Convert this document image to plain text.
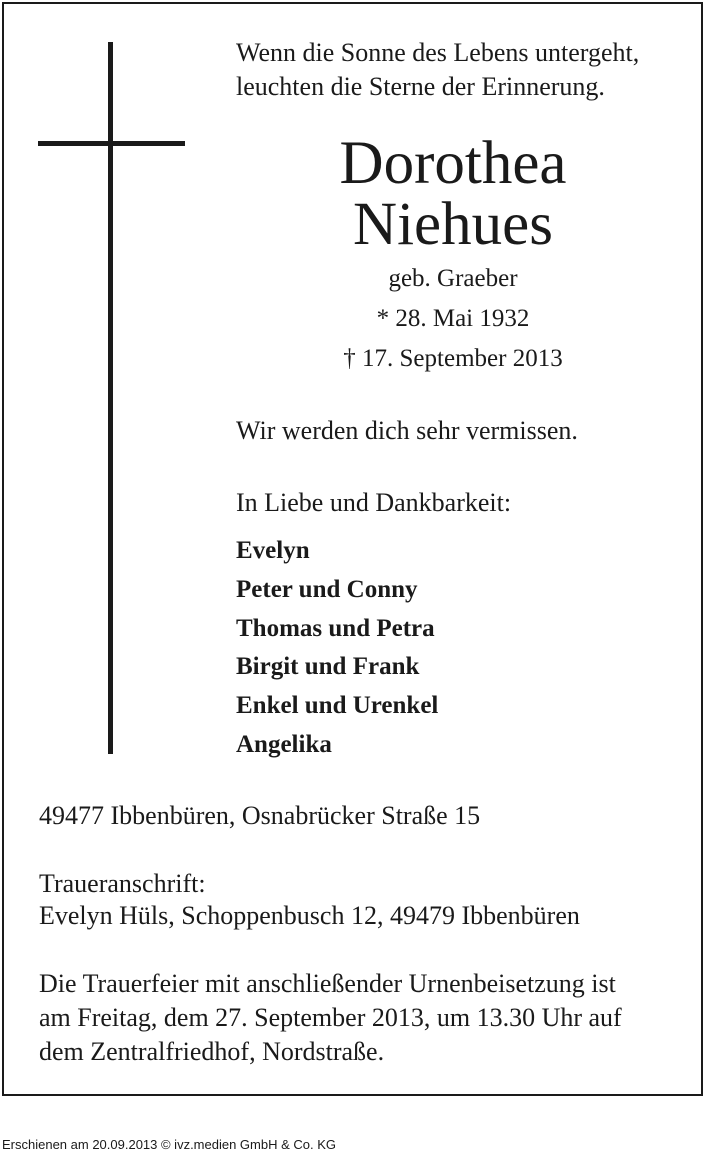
Wenn die Sonne des Lebens untergeht,
leuchten die Sterne der Erinnerung.
Dorothea
Niehues
geb. Graeber
* 28. Mai 1932
† 17. September 2013
Wir werden dich sehr vermissen.
In Liebe und Dankbarkeit:
Evelyn
Peter und Conny
Thomas und Petra
Birgit und Frank
Enkel und Urenkel
Angelika
49477 Ibbenbüren, Osnabrücker Straße 15
Traueranschrift:
Evelyn Hüls, Schoppenbusch 12, 49479 Ibbenbüren
Die Trauerfeier mit anschließender Urnenbeisetzung ist
am Freitag, dem 27. September 2013, um 13.30 Uhr auf
dem Zentralfriedhof, Nordstraße.
Erschienen am 20.09.2013 © ivz.medien GmbH & Co. KG
